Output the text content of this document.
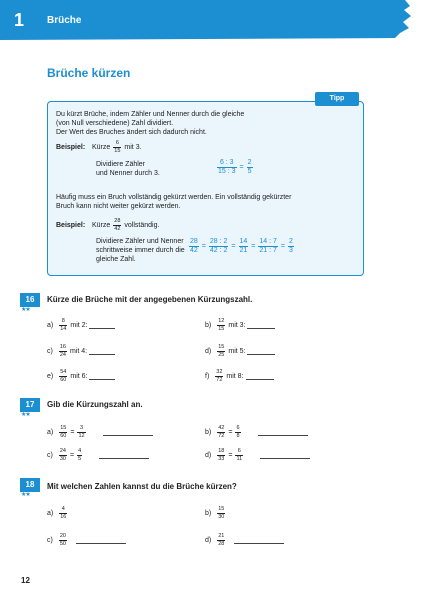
1 Brüche
Brüche kürzen
Tipp
Du kürzt Brüche, indem Zähler und Nenner durch die gleiche
(von Null verschiedene) Zahl dividiert.
Der Wert des Bruches ändert sich dadurch nicht.
Beispiel: Kürze $\frac{6}{15}$ mit 3.
Dividiere Zähler
und Nenner durch 3.	$\frac{6 : 3}{15 : 3} = \frac{2}{5}$
Häufig muss ein Bruch vollständig gekürzt werden. Ein vollständig gekürzter
Bruch kann nicht weiter gekürzt werden.
Beispiel: Kürze $\frac{28}{42}$ vollständig.
Dividiere Zähler und Nenner
schrittweise immer durch die
gleiche Zahl.
$\frac{28}{42} = \frac{28 : 2}{42 : 2} = \frac{14}{21} = \frac{14 : 7}{21 : 7} = \frac{2}{3}$
16
★★
Kürze die Brüche mit der angegebenen Kürzungszahl.
$a) \frac{8}{14}$ mit 2:	$b) \frac{12}{15}$ mit 3:
$c) \frac{16}{24}$ mit 4:	$d) \frac{15}{25}$ mit 5:
$e) \frac{54}{60}$ mit 6:	$f) \frac{32}{72}$ mit 8:
17
★★
Gib die Kürzungszahl an.
$a) \frac{15}{60} = \frac{3}{12}$	$b) \frac{42}{72} = \frac{6}{8}$
$c) \frac{24}{30} = \frac{4}{5}$	$d) \frac{18}{33} = \frac{6}{11}$
18
★★
Mit welchen Zahlen kannst du die Brüche kürzen?
$a) \frac{4}{16}$	$b) \frac{15}{30}$
$c) \frac{20}{50}$	$d) \frac{21}{28}$
12
